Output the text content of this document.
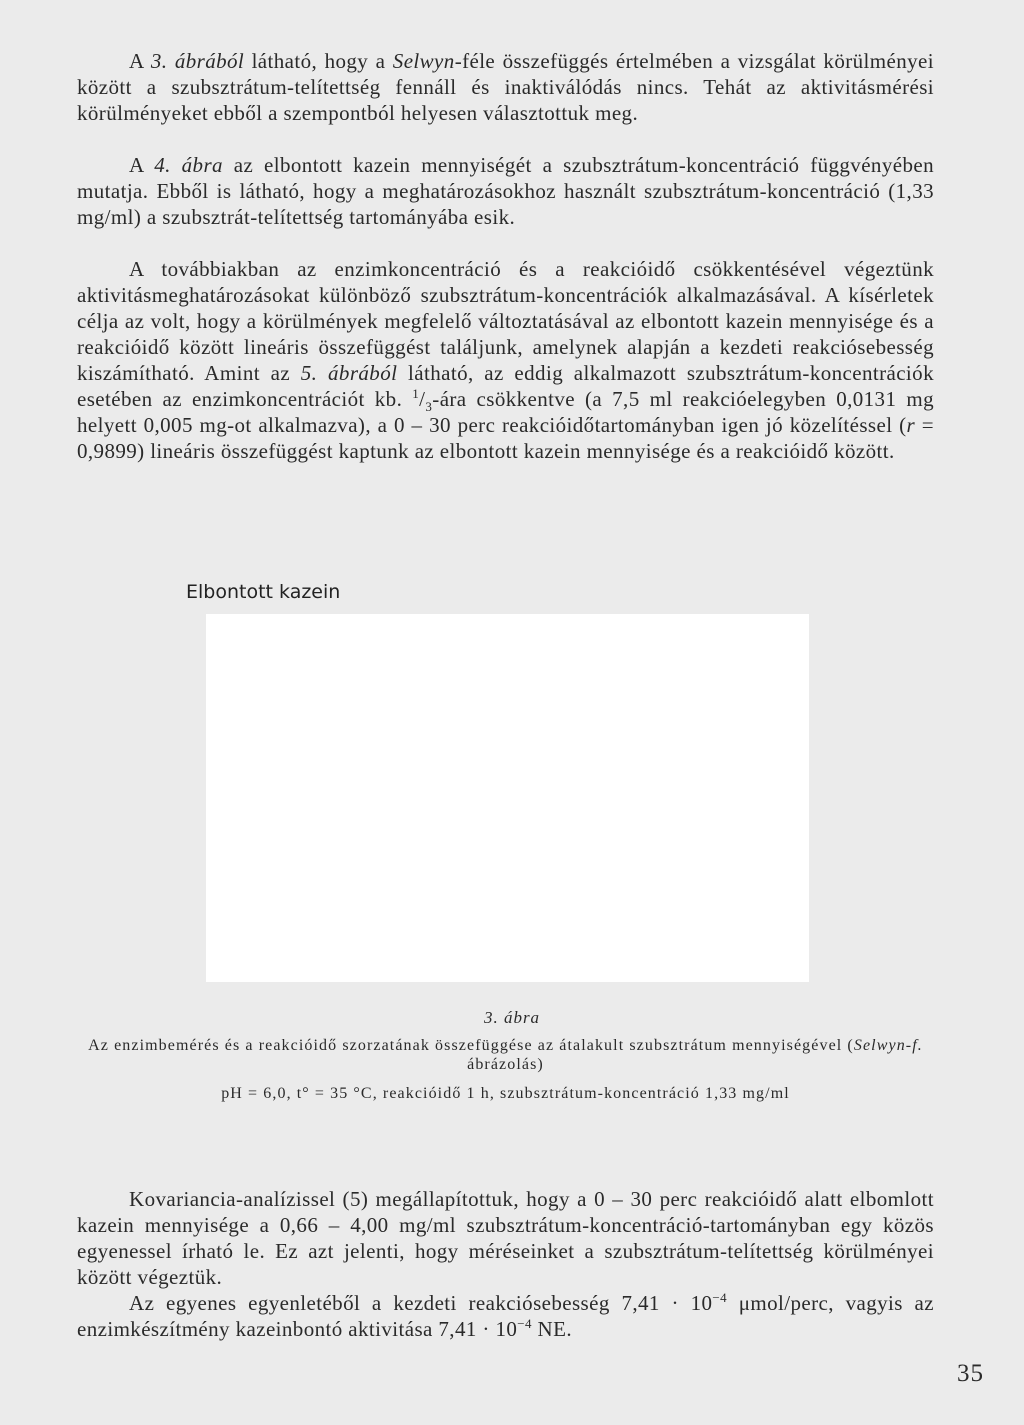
A 3. ábrából látható, hogy a Selwyn-féle összefüggés értelmében a vizsgálat körülményei között a szubsztrátum-telítettség fennáll és inaktiválódás nincs. Tehát az aktivitásmérési körülményeket ebből a szempontból helyesen választottuk meg.

A 4. ábra az elbontott kazein mennyiségét a szubsztrátum-koncentráció függvényében mutatja. Ebből is látható, hogy a meghatározásokhoz használt szubsztrátum-koncentráció (1,33 mg/ml) a szubsztrát-telítettség tartományába esik.

A továbbiakban az enzimkoncentráció és a reakcióidő csökkentésével végeztünk aktivitásmeghatározásokat különböző szubsztrátum-koncentrációk alkalmazásával. A kísérletek célja az volt, hogy a körülmények megfelelő változtatásával az elbontott kazein mennyisége és a reakcióidő között lineáris összefüggést találjunk, amelynek alapján a kezdeti reakciósebesség kiszámítható. Amint az 5. ábrából látható, az eddig alkalmazott szubsztrátum-koncentrációk esetében az enzimkoncentrációt kb. $^1/_3$-ára csökkentve (a 7,5 ml reakcióelegyben 0,0131 mg helyett 0,005 mg-ot alkalmazva), a 0 – 30 perc reakcióidőtartományban igen jó közelítéssel (r = 0,9899) lineáris összefüggést kaptunk az elbontott kazein mennyisége és a reakcióidő között.

Kovariancia-analízissel (5) megállapítottuk, hogy a 0 – 30 perc reakcióidő alatt elbomlott kazein mennyisége a 0,66 – 4,00 mg/ml szubsztrátum-koncentráció-tartományban egy közös egyenessel írható le. Ez azt jelenti, hogy méréseinket a szubsztrátum-telítettség körülményei között végeztük.

Az egyenes egyenletéből a kezdeti reakciósebesség $7,41 \cdot 10^{-4}$ μmol/perc, vagyis az enzimkészítmény kazeinbontó aktivitása $7,41 \cdot 10^{-4}$ NE.

35
Elbontott kazein
3. ábra
Az enzimbemérés és a reakcióidő szorzatának összefüggése az átalakult szubsztrátum mennyiségével (Selwyn-f. ábrázolás)
pH = 6,0, t° = 35 °C, reakcióidő 1 h, szubsztrátum-koncentráció 1,33 mg/ml
